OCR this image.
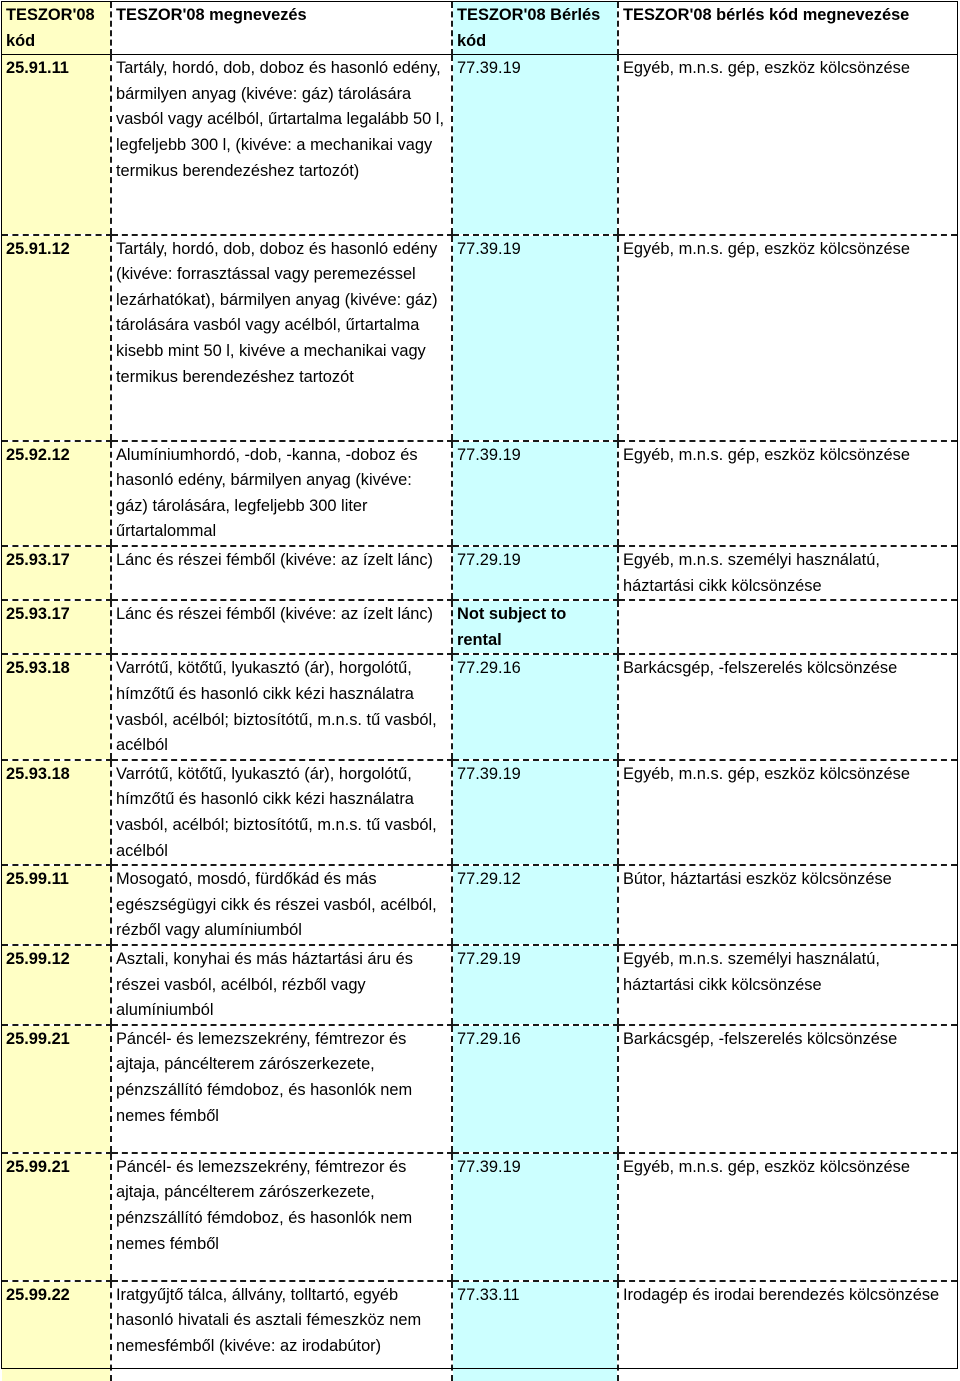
TESZOR'08 kód	TESZOR'08 megnevezés	TESZOR'08 Bérlés kód	TESZOR'08 bérlés kód megnevezése
25.91.11	Tartály, hordó, dob, doboz és hasonló edény, bármilyen anyag (kivéve: gáz) tárolására vasból vagy acélból, űrtartalma legalább 50 l, legfeljebb 300 l, (kivéve: a mechanikai vagy termikus berendezéshez tartozót)	77.39.19	Egyéb, m.n.s. gép, eszköz kölcsönzése
25.91.12	Tartály, hordó, dob, doboz és hasonló edény (kivéve: forrasztással vagy peremezéssel lezárhatókat), bármilyen anyag (kivéve: gáz) tárolására vasból vagy acélból, űrtartalma kisebb mint 50 l, kivéve a mechanikai vagy termikus berendezéshez tartozót	77.39.19	Egyéb, m.n.s. gép, eszköz kölcsönzése
25.92.12	Alumíniumhordó, -dob, -kanna, -doboz és hasonló edény, bármilyen anyag (kivéve: gáz) tárolására, legfeljebb 300 liter űrtartalommal	77.39.19	Egyéb, m.n.s. gép, eszköz kölcsönzése
25.93.17	Lánc és részei fémből (kivéve: az ízelt lánc)	77.29.19	Egyéb, m.n.s. személyi használatú, háztartási cikk kölcsönzése
25.93.17	Lánc és részei fémből (kivéve: az ízelt lánc)	Not subject to rental	
25.93.18	Varrótű, kötőtű, lyukasztó (ár), horgolótű, hímzőtű és hasonló cikk kézi használatra vasból, acélból; biztosítótű, m.n.s. tű vasból, acélból	77.29.16	Barkácsgép, -felszerelés kölcsönzése
25.93.18	Varrótű, kötőtű, lyukasztó (ár), horgolótű, hímzőtű és hasonló cikk kézi használatra vasból, acélból; biztosítótű, m.n.s. tű vasból, acélból	77.39.19	Egyéb, m.n.s. gép, eszköz kölcsönzése
25.99.11	Mosogató, mosdó, fürdőkád és más egészségügyi cikk és részei vasból, acélból, rézből vagy alumíniumból	77.29.12	Bútor, háztartási eszköz kölcsönzése
25.99.12	Asztali, konyhai és más háztartási áru és részei vasból, acélból, rézből vagy alumíniumból	77.29.19	Egyéb, m.n.s. személyi használatú, háztartási cikk kölcsönzése
25.99.21	Páncél- és lemezszekrény, fémtrezor és ajtaja, páncélterem zárószerkezete, pénzszállító fémdoboz, és hasonlók nem nemes fémből	77.29.16	Barkácsgép, -felszerelés kölcsönzése
25.99.21	Páncél- és lemezszekrény, fémtrezor és ajtaja, páncélterem zárószerkezete, pénzszállító fémdoboz, és hasonlók nem nemes fémből	77.39.19	Egyéb, m.n.s. gép, eszköz kölcsönzése
25.99.22	Iratgyűjtő tálca, állvány, tolltartó, egyéb hasonló hivatali és asztali fémeszköz nem nemesfémből (kivéve: az irodabútor)	77.33.11	Irodagép és irodai berendezés kölcsönzése
